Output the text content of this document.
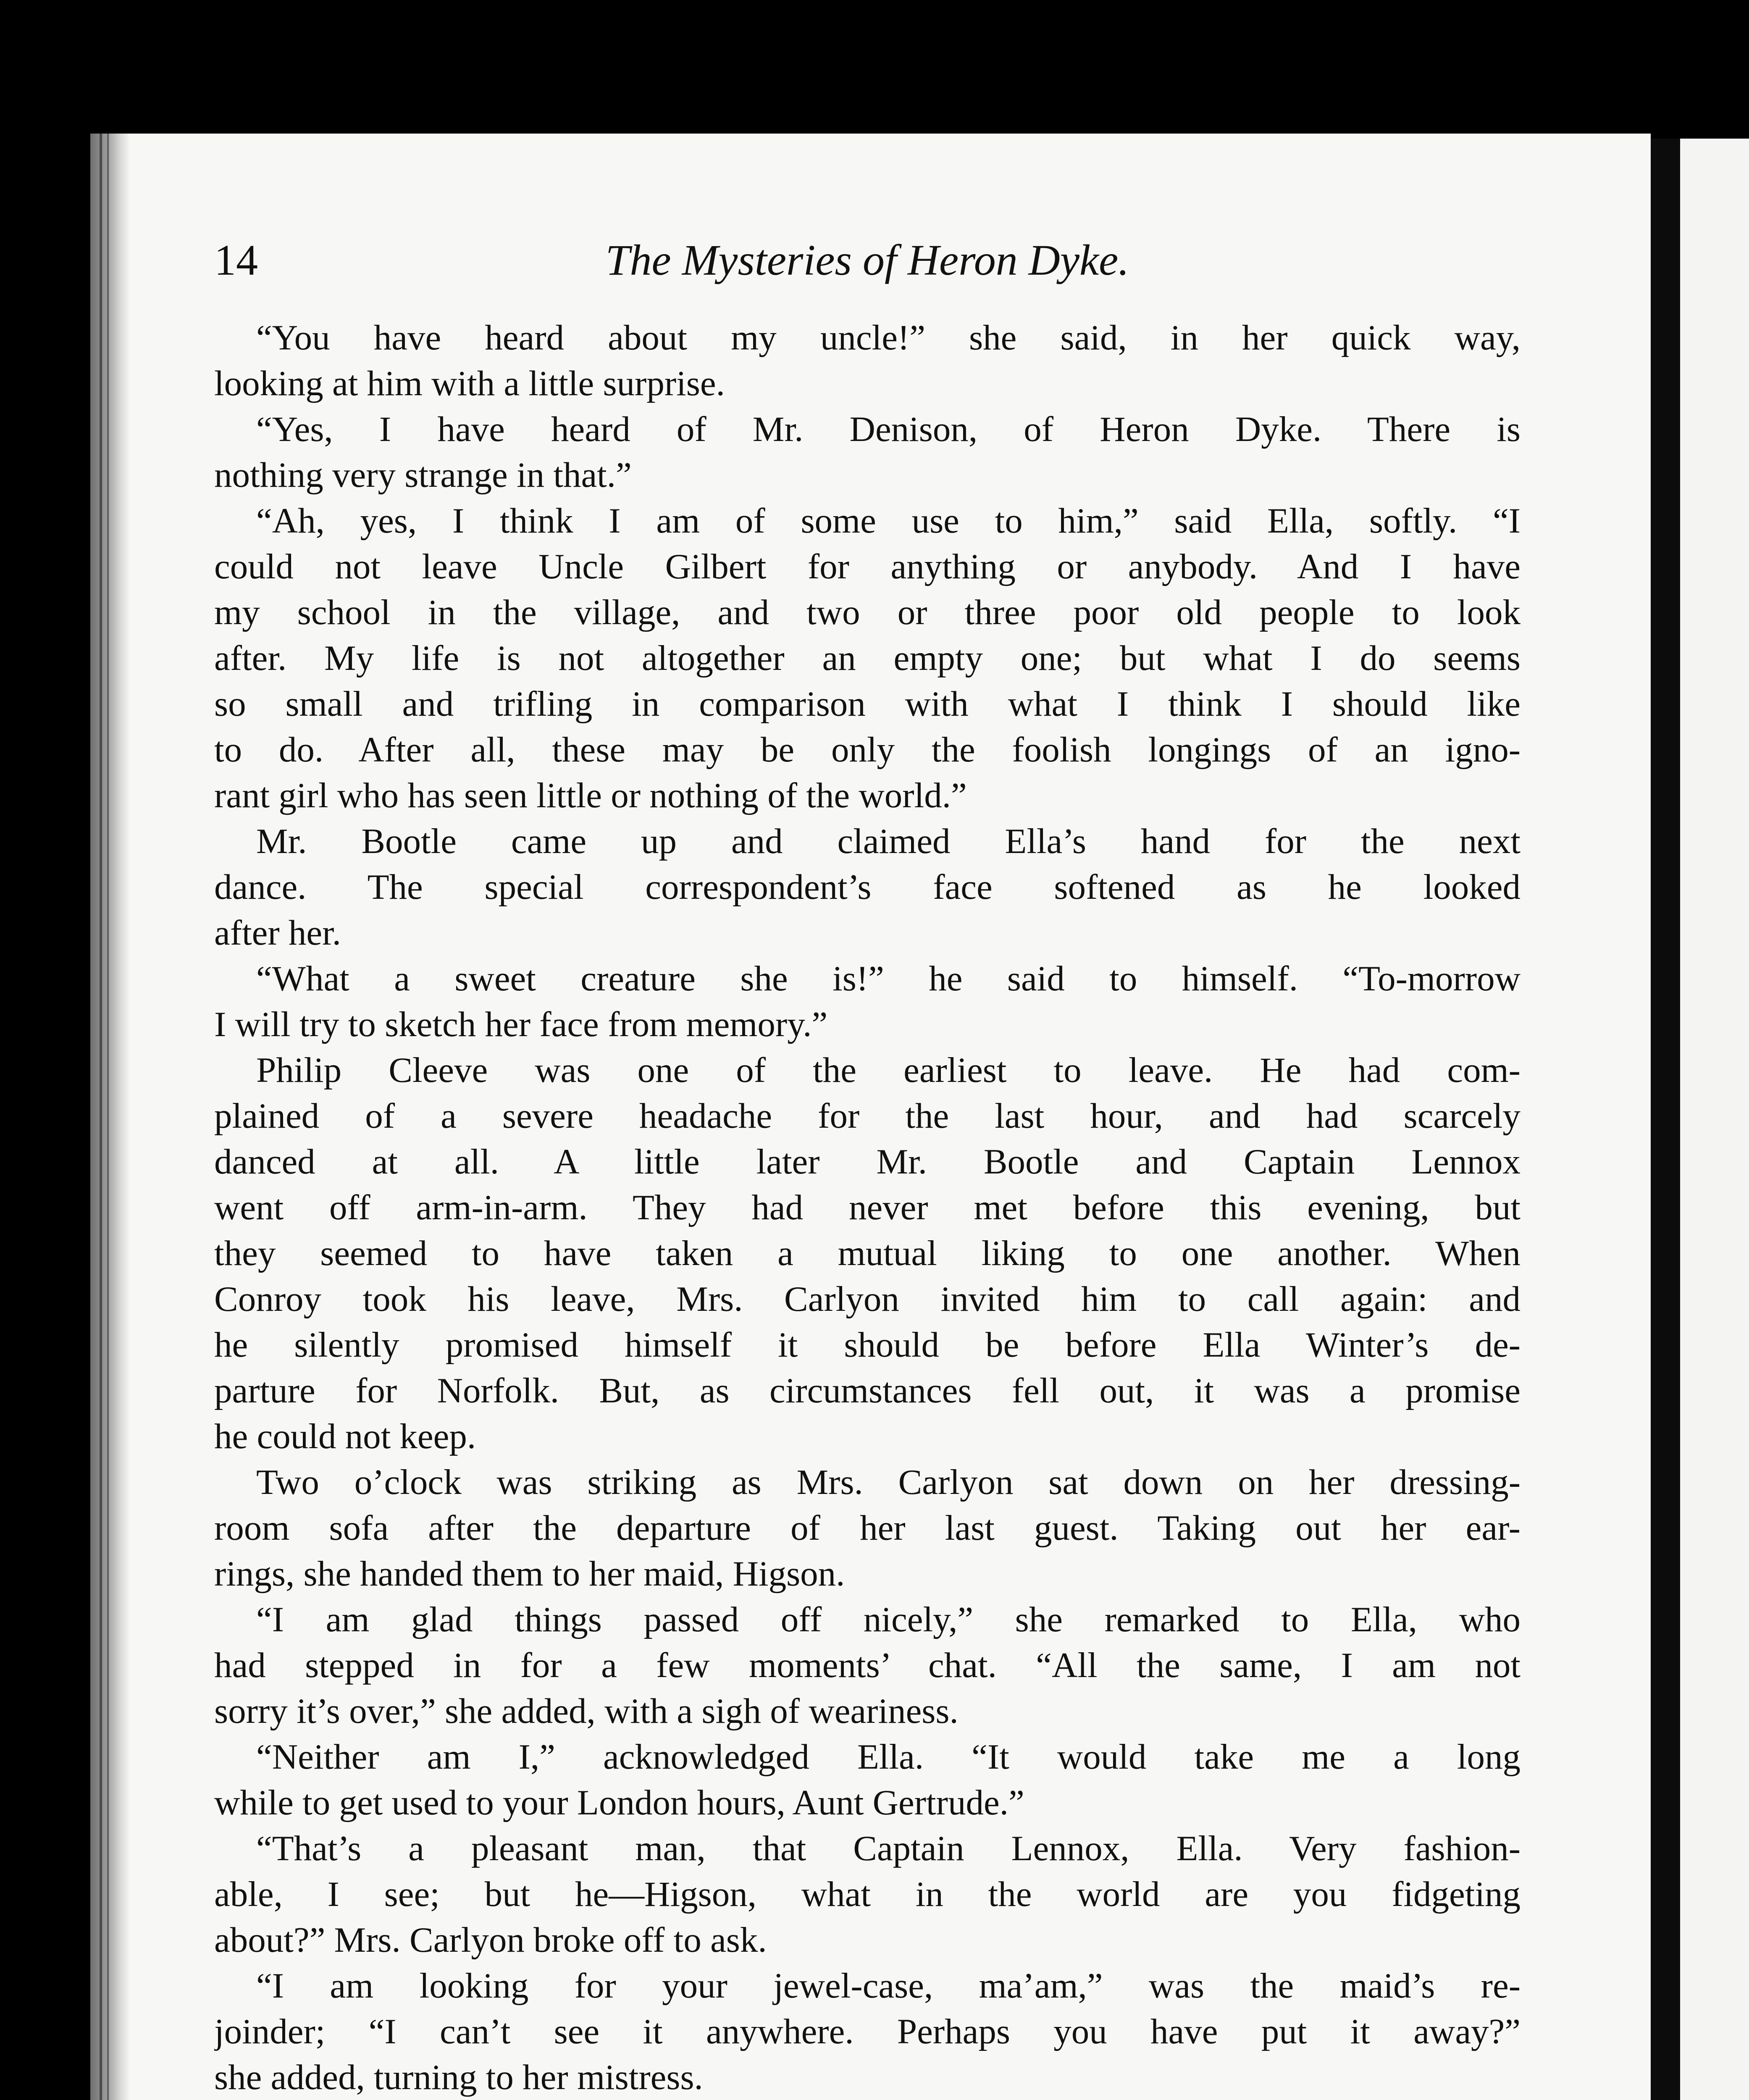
14	The Mysteries of Heron Dyke.
“You have heard about my uncle!” she said, in her quick way,
looking at him with a little surprise.
“Yes, I have heard of Mr. Denison, of Heron Dyke. There is
nothing very strange in that.”
“Ah, yes, I think I am of some use to him,” said Ella, softly. “I
could not leave Uncle Gilbert for anything or anybody. And I have
my school in the village, and two or three poor old people to look
after. My life is not altogether an empty one; but what I do seems
so small and trifling in comparison with what I think I should like
to do. After all, these may be only the foolish longings of an igno-
rant girl who has seen little or nothing of the world.”
Mr. Bootle came up and claimed Ella’s hand for the next
dance. The special correspondent’s face softened as he looked
after her.
“What a sweet creature she is!” he said to himself. “To-morrow
I will try to sketch her face from memory.”
Philip Cleeve was one of the earliest to leave. He had com-
plained of a severe headache for the last hour, and had scarcely
danced at all. A little later Mr. Bootle and Captain Lennox
went off arm-in-arm. They had never met before this evening, but
they seemed to have taken a mutual liking to one another. When
Conroy took his leave, Mrs. Carlyon invited him to call again: and
he silently promised himself it should be before Ella Winter’s de-
parture for Norfolk. But, as circumstances fell out, it was a promise
he could not keep.
Two o’clock was striking as Mrs. Carlyon sat down on her dressing-
room sofa after the departure of her last guest. Taking out her ear-
rings, she handed them to her maid, Higson.
“I am glad things passed off nicely,” she remarked to Ella, who
had stepped in for a few moments’ chat. “All the same, I am not
sorry it’s over,” she added, with a sigh of weariness.
“Neither am I,” acknowledged Ella. “It would take me a long
while to get used to your London hours, Aunt Gertrude.”
“That’s a pleasant man, that Captain Lennox, Ella. Very fashion-
able, I see; but he—Higson, what in the world are you fidgeting
about?” Mrs. Carlyon broke off to ask.
“I am looking for your jewel-case, ma’am,” was the maid’s re-
joinder; “I can’t see it anywhere. Perhaps you have put it away?”
she added, turning to her mistress.
